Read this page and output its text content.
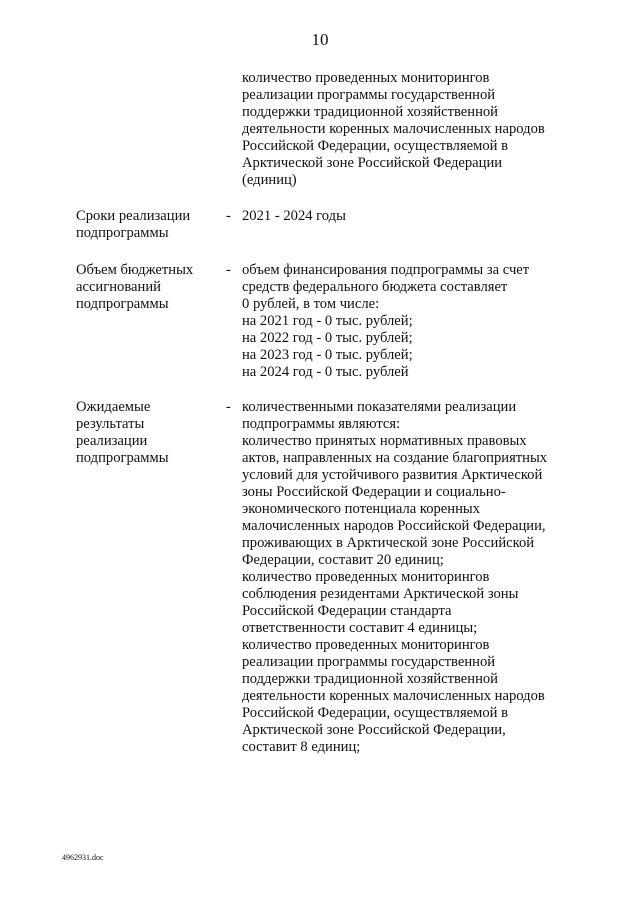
10
количество проведенных мониторингов
реализации программы государственной
поддержки традиционной хозяйственной
деятельности коренных малочисленных народов
Российской Федерации, осуществляемой в
Арктической зоне Российской Федерации
(единиц)
Сроки реализации
подпрограммы
- 2021 - 2024 годы
Объем бюджетных
ассигнований
подпрограммы
- объем финансирования подпрограммы за счет
средств федерального бюджета составляет
0 рублей, в том числе:
на 2021 год - 0 тыс. рублей;
на 2022 год - 0 тыс. рублей;
на 2023 год - 0 тыс. рублей;
на 2024 год - 0 тыс. рублей
Ожидаемые
результаты
реализации
подпрограммы
- количественными показателями реализации
подпрограммы являются:
количество принятых нормативных правовых
актов, направленных на создание благоприятных
условий для устойчивого развития Арктической
зоны Российской Федерации и социально-
экономического потенциала коренных
малочисленных народов Российской Федерации,
проживающих в Арктической зоне Российской
Федерации, составит 20 единиц;
количество проведенных мониторингов
соблюдения резидентами Арктической зоны
Российской Федерации стандарта
ответственности составит 4 единицы;
количество проведенных мониторингов
реализации программы государственной
поддержки традиционной хозяйственной
деятельности коренных малочисленных народов
Российской Федерации, осуществляемой в
Арктической зоне Российской Федерации,
составит 8 единиц;
4962931.doc
